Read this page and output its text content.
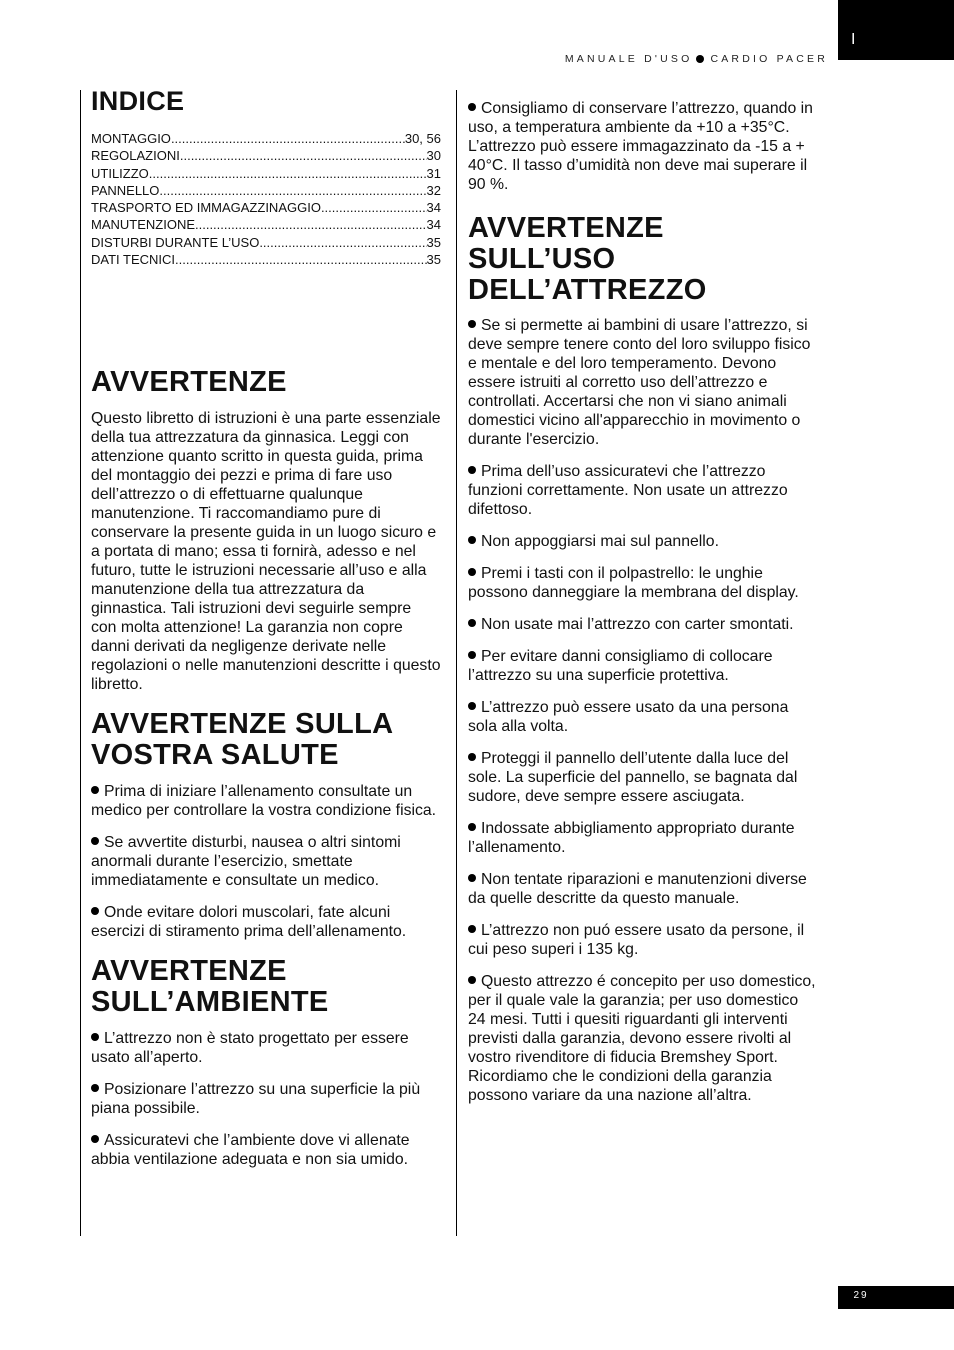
I
MANUALE D'USO CARDIO PACER
INDICE
MONTAGGIO .....	30, 56
REGOLAZIONI .....	30
UTILIZZO .....	31
PANNELLO .....	32
TRASPORTO ED IMMAGAZZINAGGIO .....	34
MANUTENZIONE .....	34
DISTURBI DURANTE L’USO .....	35
DATI TECNICI .....	35
AVVERTENZE

Questo libretto di istruzioni è una parte essenziale della tua attrezzatura da ginnasica. Leggi con attenzione quanto scritto in questa guida, prima del montaggio dei pezzi e prima di fare uso dell’attrezzo o di effettuarne qualunque manutenzione. Ti raccomandiamo pure di conservare la presente guida in un luogo sicuro e a portata di mano; essa ti fornirà, adesso e nel futuro, tutte le istruzioni necessarie all’uso e alla manutenzione della tua attrezzatura da ginnastica. Tali istruzioni devi seguirle sempre con molta attenzione! La garanzia non copre danni derivati da negligenze derivate nelle regolazioni o nelle manutenzioni descritte i questo libretto.

AVVERTENZE SULLA
VOSTRA SALUTE

Prima di iniziare l’allenamento consultate un medico per controllare la vostra condizione fisica.

Se avvertite disturbi, nausea o altri sintomi anormali durante l’esercizio, smettate immediatamente e consultate un medico.

Onde evitare dolori muscolari, fate alcuni esercizi di stiramento prima dell’allenamento.

AVVERTENZE
SULL’AMBIENTE

L’attrezzo non è stato progettato per essere usato all’aperto.

Posizionare l’attrezzo su una superficie la più piana possibile.

Assicuratevi che l’ambiente dove vi allenate abbia ventilazione adeguata e non sia umido.

Consigliamo di conservare l’attrezzo, quando in uso, a temperatura ambiente da +10 a +35°C. L’attrezzo può essere immagazzinato da -15 a + 40°C. Il tasso d’umidità non deve mai superare il 90 %.

AVVERTENZE
SULL’USO
DELL’ATTREZZO

Se si permette ai bambini di usare l’attrezzo, si deve sempre tenere conto del loro sviluppo fisico e mentale e del loro temperamento. Devono essere istruiti al corretto uso dell’attrezzo e controllati. Accertarsi che non vi siano animali domestici vicino all'apparecchio in movimento o durante l'esercizio.

Prima dell’uso assicuratevi che l’attrezzo funzioni correttamente. Non usate un attrezzo difettoso.

Non appoggiarsi mai sul pannello.

Premi i tasti con il polpastrello: le unghie possono danneggiare la membrana del display.

Non usate mai l’attrezzo con carter smontati.

Per evitare danni consigliamo di collocare l’attrezzo su una superficie protettiva.

L’attrezzo può essere usato da una persona sola alla volta.

Proteggi il pannello dell’utente dalla luce del sole. La superficie del pannello, se bagnata dal sudore, deve sempre essere asciugata.

Indossate abbigliamento appropriato durante l’allenamento.

Non tentate riparazioni e manutenzioni diverse da quelle descritte da questo manuale.

L’attrezzo non puó essere usato da persone, il cui peso superi i 135 kg.

Questo attrezzo é concepito per uso domestico, per il quale vale la garanzia; per uso domestico 24 mesi. Tutti i quesiti riguardanti gli interventi previsti dalla garanzia, devono essere rivolti al vostro rivenditore di fiducia Bremshey Sport. Ricordiamo che le condizioni della garanzia possono variare da una nazione all’altra.

29
